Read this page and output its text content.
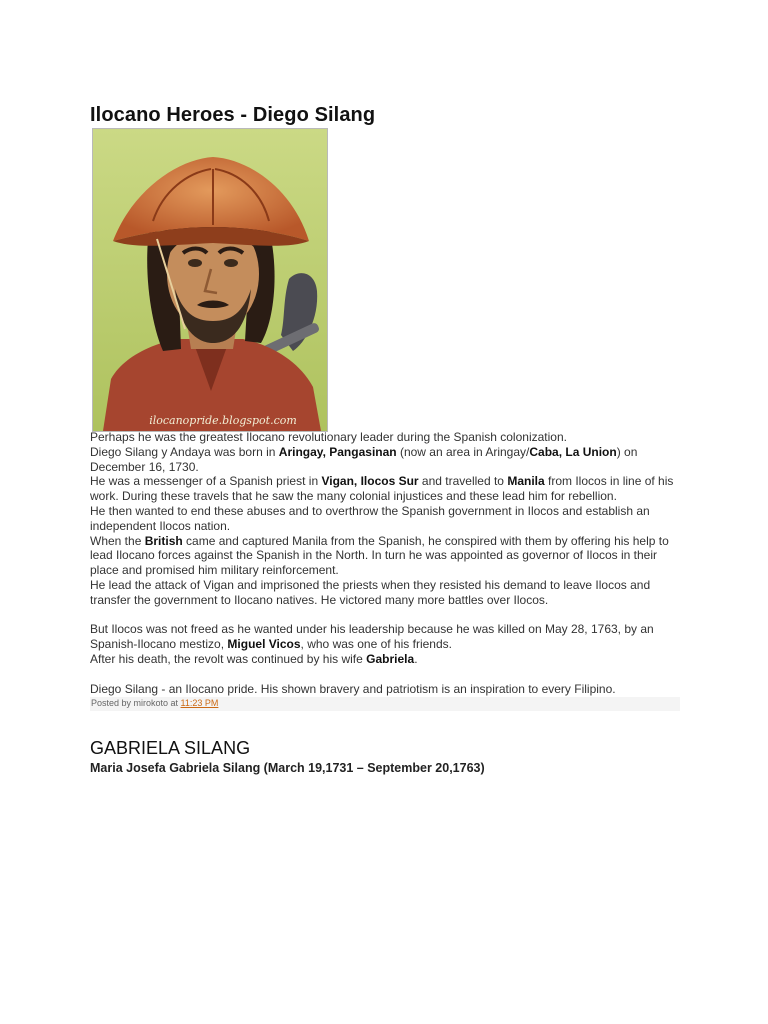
Ilocano Heroes - Diego Silang
ilocanopride.blogspot.com

Perhaps he was the greatest Ilocano revolutionary leader during the Spanish colonization.

Diego Silang y Andaya was born in Aringay, Pangasinan (now an area in Aringay/Caba, La Union) on December 16, 1730.

He was a messenger of a Spanish priest in Vigan, Ilocos Sur and travelled to Manila from Ilocos in line of his work. During these travels that he saw the many colonial injustices and these lead him for rebellion.

He then wanted to end these abuses and to overthrow the Spanish government in Ilocos and establish an independent Ilocos nation.

When the British came and captured Manila from the Spanish, he conspired with them by offering his help to lead Ilocano forces against the Spanish in the North. In turn he was appointed as governor of Ilocos in their place and promised him military reinforcement.

He lead the attack of Vigan and imprisoned the priests when they resisted his demand to leave Ilocos and transfer the government to Ilocano natives. He victored many more battles over Ilocos.

But Ilocos was not freed as he wanted under his leadership because he was killed on May 28, 1763, by an Spanish-Ilocano mestizo, Miguel Vicos, who was one of his friends.

After his death, the revolt was continued by his wife Gabriela.

Diego Silang - an Ilocano pride. His shown bravery and patriotism is an inspiration to every Filipino.

Posted by mirokoto at 11:23 PM
GABRIELA SILANG

Maria Josefa Gabriela Silang (March 19,1731 – September 20,1763)
